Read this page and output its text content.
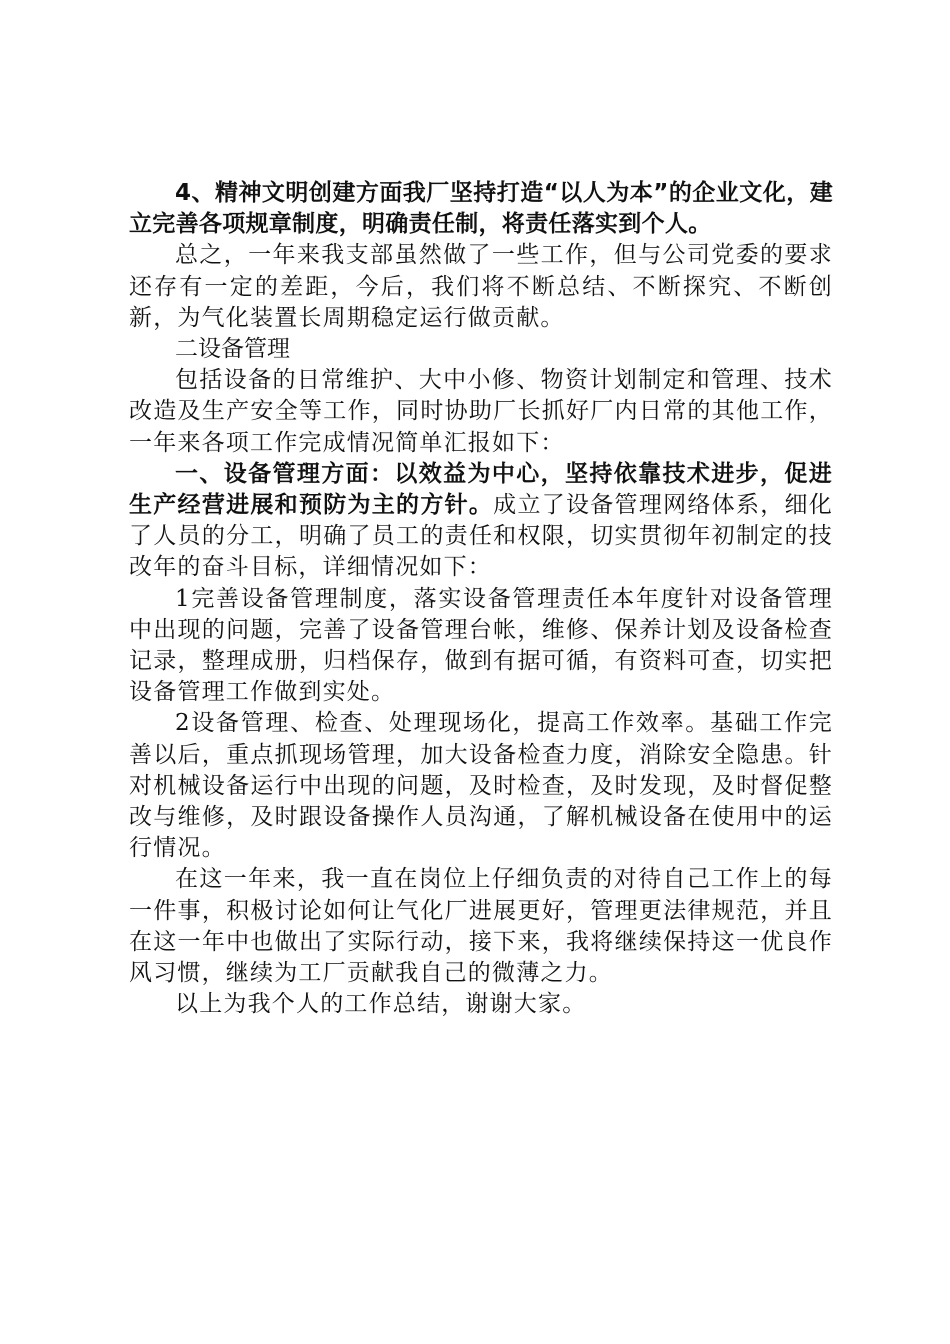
4、精神文明创建方面我厂坚持打造“以人为本”的企业文化，建立完善各项规章制度，明确责任制，将责任落实到个人。

总之，一年来我支部虽然做了一些工作，但与公司党委的要求还存有一定的差距，今后，我们将不断总结、不断探究、不断创新，为气化装置长周期稳定运行做贡献。

二设备管理

包括设备的日常维护、大中小修、物资计划制定和管理、技术改造及生产安全等工作，同时协助厂长抓好厂内日常的其他工作，一年来各项工作完成情况简单汇报如下：

一、设备管理方面：以效益为中心，坚持依靠技术进步，促进生产经营进展和预防为主的方针。成立了设备管理网络体系，细化了人员的分工，明确了员工的责任和权限，切实贯彻年初制定的技改年的奋斗目标，详细情况如下：

1完善设备管理制度，落实设备管理责任本年度针对设备管理中出现的问题，完善了设备管理台帐，维修、保养计划及设备检查记录，整理成册，归档保存，做到有据可循，有资料可查，切实把设备管理工作做到实处。

2设备管理、检查、处理现场化，提高工作效率。基础工作完善以后，重点抓现场管理，加大设备检查力度，消除安全隐患。针对机械设备运行中出现的问题，及时检查，及时发现，及时督促整改与维修，及时跟设备操作人员沟通，了解机械设备在使用中的运行情况。

在这一年来，我一直在岗位上仔细负责的对待自己工作上的每一件事，积极讨论如何让气化厂进展更好，管理更法律规范，并且在这一年中也做出了实际行动，接下来，我将继续保持这一优良作风习惯，继续为工厂贡献我自己的微薄之力。

以上为我个人的工作总结，谢谢大家。
